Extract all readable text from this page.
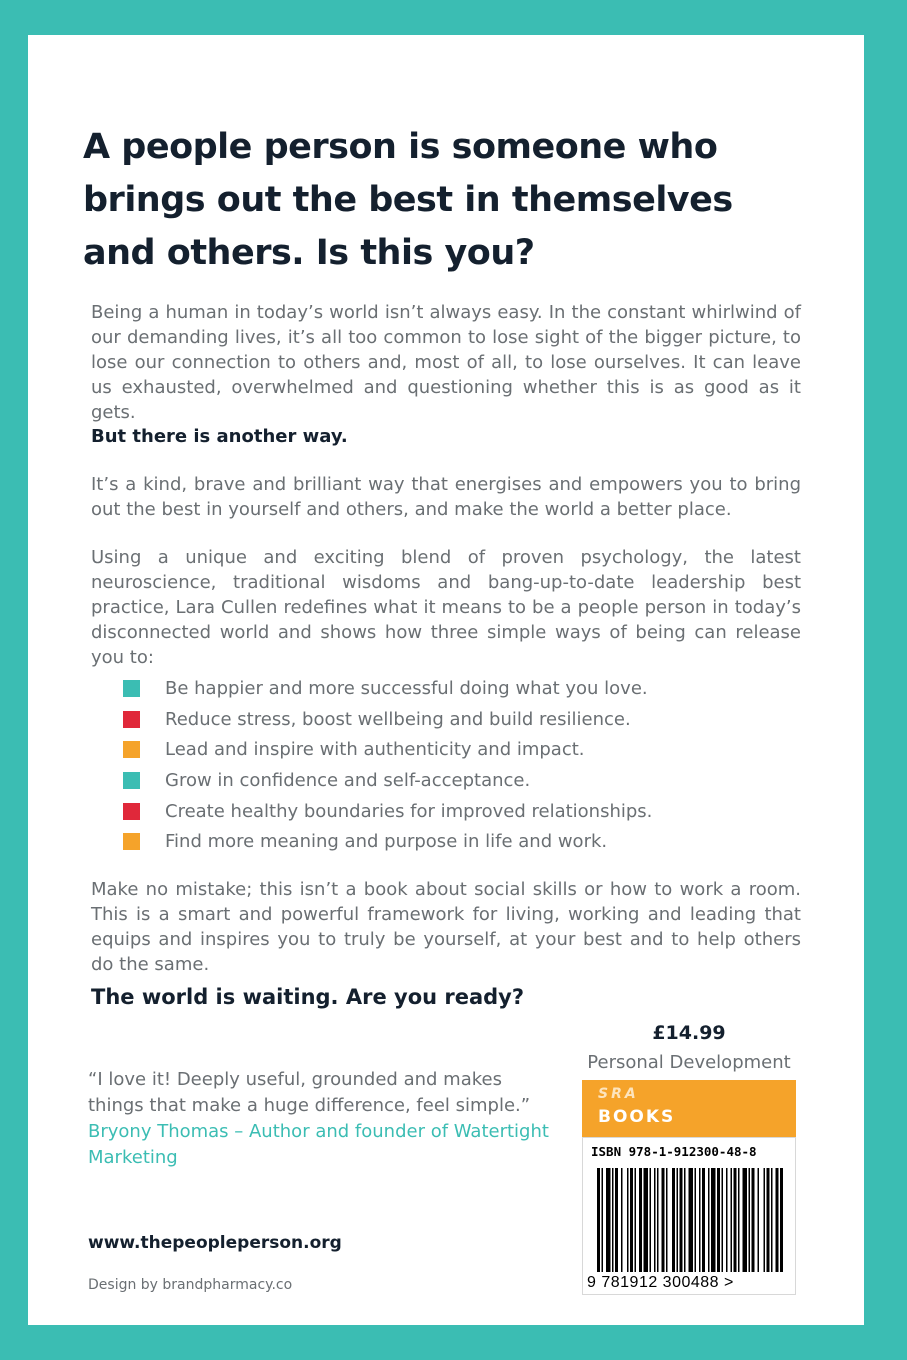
A people person is someone who
brings out the best in themselves
and others. Is this you?
Being a human in today’s world isn’t always easy. In the constant whirlwind of our demanding lives, it’s all too common to lose sight of the bigger picture, to lose our connection to others and, most of all, to lose ourselves. It can leave us exhausted, overwhelmed and questioning whether this is as good as it gets.
But there is another way.
It’s a kind, brave and brilliant way that energises and empowers you to bring out the best in yourself and others, and make the world a better place.
Using a unique and exciting blend of proven psychology, the latest neuroscience, traditional wisdoms and bang-up-to-date leadership best practice, Lara Cullen redefines what it means to be a people person in today’s disconnected world and shows how three simple ways of being can release you to:
Be happier and more successful doing what you love.
Reduce stress, boost wellbeing and build resilience.
Lead and inspire with authenticity and impact.
Grow in confidence and self-acceptance.
Create healthy boundaries for improved relationships.
Find more meaning and purpose in life and work.
Make no mistake; this isn’t a book about social skills or how to work a room. This is a smart and powerful framework for living, working and leading that equips and inspires you to truly be yourself, at your best and to help others do the same.
The world is waiting. Are you ready?
“I love it! Deeply useful, grounded and makes things that make a huge difference, feel simple.”
Bryony Thomas – Author and founder of Watertight Marketing
www.thepeopleperson.org
Design by brandpharmacy.co
£14.99
Personal Development
SRA
BOOKS
ISBN 978-1-912300-48-8
9 781912 300488 >
